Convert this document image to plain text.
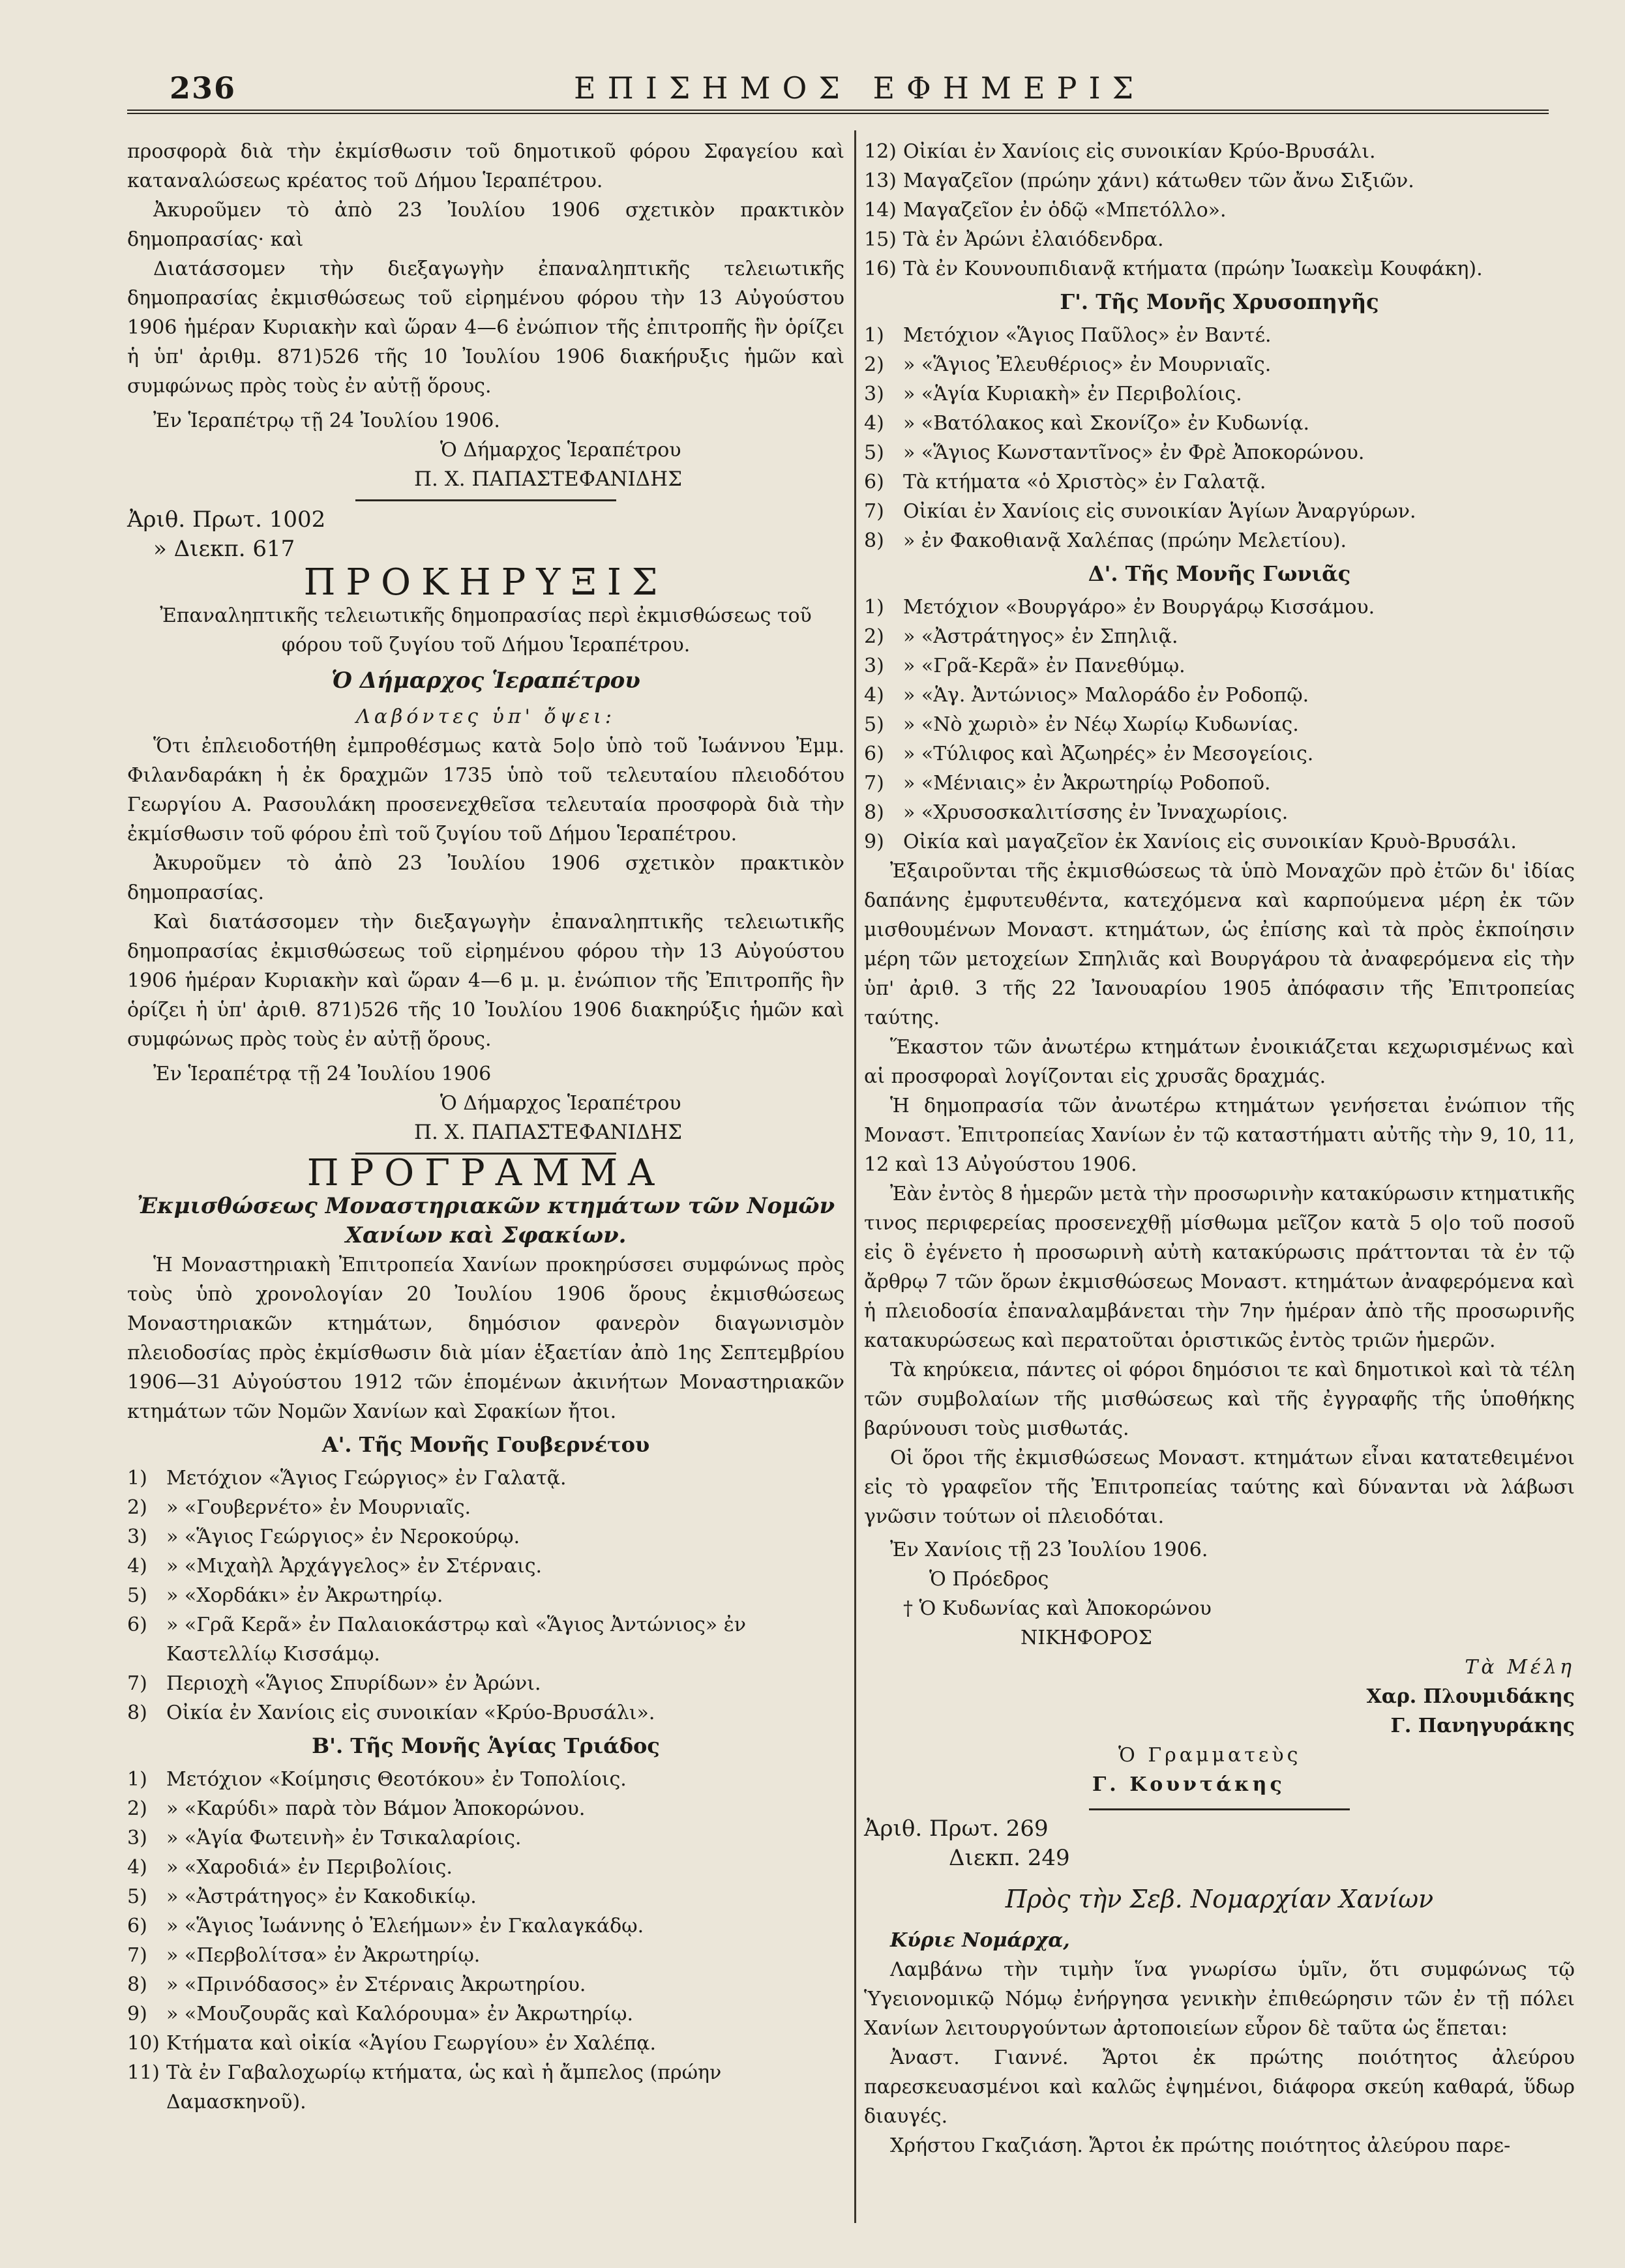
236	ΕΠΙΣΗΜΟΣ ΕΦΗΜΕΡΙΣ

προσφορὰ διὰ τὴν ἐκμίσθωσιν τοῦ δημοτικοῦ φόρου Σφαγείου καὶ καταναλώσεως κρέατος τοῦ Δήμου Ἱεραπέτρου.

Ἀκυροῦμεν τὸ ἀπὸ 23 Ἰουλίου 1906 σχετικὸν πρακτικὸν δημοπρασίας· καὶ

Διατάσσομεν τὴν διεξαγωγὴν ἐπαναληπτικῆς τελειωτικῆς δημοπρασίας ἐκμισθώσεως τοῦ εἰρημένου φόρου τὴν 13 Αὐγούστου 1906 ἡμέραν Κυριακὴν καὶ ὥραν 4—6 ἐνώπιον τῆς ἐπιτροπῆς ἣν ὁρίζει ἡ ὑπ' ἀριθμ. 871)526 τῆς 10 Ἰουλίου 1906 διακήρυξις ἡμῶν καὶ συμφώνως πρὸς τοὺς ἐν αὐτῇ ὅρους.

Ἐν Ἱεραπέτρῳ τῇ 24 Ἰουλίου 1906.

Ὁ Δήμαρχος Ἱεραπέτρου

Π. Χ. ΠΑΠΑΣΤΕΦΑΝΙΔΗΣ

Ἀριθ. Πρωτ. 1002

» Διεκπ. 617

ΠΡΟΚΗΡΥΞΙΣ

Ἐπαναληπτικῆς τελειωτικῆς δημοπρασίας περὶ ἐκμισθώσεως τοῦ φόρου τοῦ ζυγίου τοῦ Δήμου Ἱεραπέτρου.

Ὁ Δήμαρχος Ἱεραπέτρου

Λαβόντες ὑπ' ὄψει:

Ὅτι ἐπλειοδοτήθη ἐμπροθέσμως κατὰ 5ο|ο ὑπὸ τοῦ Ἰωάννου Ἐμμ. Φιλανδαράκη ἡ ἐκ δραχμῶν 1735 ὑπὸ τοῦ τελευταίου πλειοδότου Γεωργίου Α. Ρασουλάκη προσενεχθεῖσα τελευταία προσφορὰ διὰ τὴν ἐκμίσθωσιν τοῦ φόρου ἐπὶ τοῦ ζυγίου τοῦ Δήμου Ἱεραπέτρου.

Ἀκυροῦμεν τὸ ἀπὸ 23 Ἰουλίου 1906 σχετικὸν πρακτικὸν δημοπρασίας.

Καὶ διατάσσομεν τὴν διεξαγωγὴν ἐπαναληπτικῆς τελειωτικῆς δημοπρασίας ἐκμισθώσεως τοῦ εἰρημένου φόρου τὴν 13 Αὐγούστου 1906 ἡμέραν Κυριακὴν καὶ ὥραν 4—6 μ. μ. ἐνώπιον τῆς Ἐπιτροπῆς ἣν ὁρίζει ἡ ὑπ' ἀριθ. 871)526 τῆς 10 Ἰουλίου 1906 διακηρύξις ἡμῶν καὶ συμφώνως πρὸς τοὺς ἐν αὐτῇ ὅρους.

Ἐν Ἱεραπέτρᾳ τῇ 24 Ἰουλίου 1906

Ὁ Δήμαρχος Ἱεραπέτρου

Π. Χ. ΠΑΠΑΣΤΕΦΑΝΙΔΗΣ

ΠΡΟΓΡΑΜΜΑ

Ἐκμισθώσεως Μοναστηριακῶν κτημάτων τῶν Νομῶν Χανίων καὶ Σφακίων.

Ἡ Μοναστηριακὴ Ἐπιτροπεία Χανίων προκηρύσσει συμφώνως πρὸς τοὺς ὑπὸ χρονολογίαν 20 Ἰουλίου 1906 ὅρους ἐκμισθώσεως Μοναστηριακῶν κτημάτων, δημόσιον φανερὸν διαγωνισμὸν πλειοδοσίας πρὸς ἐκμίσθωσιν διὰ μίαν ἑξαετίαν ἀπὸ 1ης Σεπτεμβρίου 1906—31 Αὐγούστου 1912 τῶν ἑπομένων ἀκινήτων Μοναστηριακῶν κτημάτων τῶν Νομῶν Χανίων καὶ Σφακίων ἤτοι.

Α'. Τῆς Μονῆς Γουβερνέτου
1) Μετόχιον «Ἅγιος Γεώργιος» ἐν Γαλατᾷ.
2) » «Γουβερνέτο» ἐν Μουρνιαῖς.
3) » «Ἅγιος Γεώργιος» ἐν Νεροκούρῳ.
4) » «Μιχαὴλ Ἀρχάγγελος» ἐν Στέρναις.
5) » «Χορδάκι» ἐν Ἀκρωτηρίῳ.
6) » «Γρᾶ Κερᾶ» ἐν Παλαιοκάστρῳ καὶ «Ἅγιος Ἀντώνιος» ἐν Καστελλίῳ Κισσάμῳ.
7) Περιοχὴ «Ἅγιος Σπυρίδων» ἐν Ἀρώνι.
8) Οἰκία ἐν Χανίοις εἰς συνοικίαν «Κρύο-Βρυσάλι».
Β'. Τῆς Μονῆς Ἁγίας Τριάδος
1) Μετόχιον «Κοίμησις Θεοτόκου» ἐν Τοπολίοις.
2) » «Καρύδι» παρὰ τὸν Βάμον Ἀποκορώνου.
3) » «Ἁγία Φωτεινὴ» ἐν Τσικαλαρίοις.
4) » «Χαροδιά» ἐν Περιβολίοις.
5) » «Ἀστράτηγος» ἐν Κακοδικίῳ.
6) » «Ἅγιος Ἰωάννης ὁ Ἐλεήμων» ἐν Γκαλαγκάδῳ.
7) » «Περβολίτσα» ἐν Ἀκρωτηρίῳ.
8) » «Πρινόδασος» ἐν Στέρναις Ἀκρωτηρίου.
9) » «Μουζουρᾶς καὶ Καλόρουμα» ἐν Ἀκρωτηρίῳ.
10) Κτήματα καὶ οἰκία «Ἁγίου Γεωργίου» ἐν Χαλέπᾳ.
11) Τὰ ἐν Γαβαλοχωρίῳ κτήματα, ὡς καὶ ἡ ἄμπελος (πρώην Δαμασκηνοῦ).
12) Οἰκίαι ἐν Χανίοις εἰς συνοικίαν Κρύο-Βρυσάλι.
13) Μαγαζεῖον (πρώην χάνι) κάτωθεν τῶν ἄνω Σιξιῶν.
14) Μαγαζεῖον ἐν ὁδῷ «Μπετόλλο».
15) Τὰ ἐν Ἀρώνι ἐλαιόδενδρα.
16) Τὰ ἐν Κουνουπιδιανᾷ κτήματα (πρώην Ἰωακεὶμ Κουφάκη).
Γ'. Τῆς Μονῆς Χρυσοπηγῆς
1) Μετόχιον «Ἅγιος Παῦλος» ἐν Βαντέ.
2) » «Ἅγιος Ἐλευθέριος» ἐν Μουρνιαῖς.
3) » «Ἁγία Κυριακὴ» ἐν Περιβολίοις.
4) » «Βατόλακος καὶ Σκονίζο» ἐν Κυδωνίᾳ.
5) » «Ἅγιος Κωνσταντῖνος» ἐν Φρὲ Ἀποκορώνου.
6) Τὰ κτήματα «ὁ Χριστὸς» ἐν Γαλατᾷ.
7) Οἰκίαι ἐν Χανίοις εἰς συνοικίαν Ἁγίων Ἀναργύρων.
8) » ἐν Φακοθιανᾷ Χαλέπας (πρώην Μελετίου).
Δ'. Τῆς Μονῆς Γωνιᾶς
1) Μετόχιον «Βουργάρο» ἐν Βουργάρῳ Κισσάμου.
2) » «Ἀστράτηγος» ἐν Σπηλιᾷ.
3) » «Γρᾶ-Κερᾶ» ἐν Πανεθύμῳ.
4) » «Ἁγ. Ἀντώνιος» Μαλοράδο ἐν Ροδοπῷ.
5) » «Νὸ χωριὸ» ἐν Νέῳ Χωρίῳ Κυδωνίας.
6) » «Τύλιφος καὶ Ἀζωηρές» ἐν Μεσογείοις.
7) » «Μένιαις» ἐν Ἀκρωτηρίῳ Ροδοποῦ.
8) » «Χρυσοσκαλιτίσσης ἐν Ἰνναχωρίοις.
9) Οἰκία καὶ μαγαζεῖον ἐκ Χανίοις εἰς συνοικίαν Κρυὸ-Βρυσάλι.

Ἐξαιροῦνται τῆς ἐκμισθώσεως τὰ ὑπὸ Μοναχῶν πρὸ ἐτῶν δι' ἰδίας δαπάνης ἐμφυτευθέντα, κατεχόμενα καὶ καρπούμενα μέρη ἐκ τῶν μισθουμένων Μοναστ. κτημάτων, ὡς ἐπίσης καὶ τὰ πρὸς ἐκποίησιν μέρη τῶν μετοχείων Σπηλιᾶς καὶ Βουργάρου τὰ ἀναφερόμενα εἰς τὴν ὑπ' ἀριθ. 3 τῆς 22 Ἰανουαρίου 1905 ἀπόφασιν τῆς Ἐπιτροπείας ταύτης.

Ἕκαστον τῶν ἀνωτέρω κτημάτων ἐνοικιάζεται κεχωρισμένως καὶ αἱ προσφοραὶ λογίζονται εἰς χρυσᾶς δραχμάς.

Ἡ δημοπρασία τῶν ἀνωτέρω κτημάτων γενήσεται ἐνώπιον τῆς Μοναστ. Ἐπιτροπείας Χανίων ἐν τῷ καταστήματι αὐτῆς τὴν 9, 10, 11, 12 καὶ 13 Αὐγούστου 1906.

Ἐὰν ἐντὸς 8 ἡμερῶν μετὰ τὴν προσωρινὴν κατακύρωσιν κτηματικῆς τινος περιφερείας προσενεχθῇ μίσθωμα μεῖζον κατὰ 5 ο|ο τοῦ ποσοῦ εἰς ὃ ἐγένετο ἡ προσωρινὴ αὐτὴ κατακύρωσις πράττονται τὰ ἐν τῷ ἄρθρῳ 7 τῶν ὅρων ἐκμισθώσεως Μοναστ. κτημάτων ἀναφερόμενα καὶ ἡ πλειοδοσία ἐπαναλαμβάνεται τὴν 7ην ἡμέραν ἀπὸ τῆς προσωρινῆς κατακυρώσεως καὶ περατοῦται ὁριστικῶς ἐντὸς τριῶν ἡμερῶν.

Τὰ κηρύκεια, πάντες οἱ φόροι δημόσιοι τε καὶ δημοτικοὶ καὶ τὰ τέλη τῶν συμβολαίων τῆς μισθώσεως καὶ τῆς ἐγγραφῆς τῆς ὑποθήκης βαρύνουσι τοὺς μισθωτάς.

Οἱ ὅροι τῆς ἐκμισθώσεως Μοναστ. κτημάτων εἶναι κατατεθειμένοι εἰς τὸ γραφεῖον τῆς Ἐπιτροπείας ταύτης καὶ δύνανται νὰ λάβωσι γνῶσιν τούτων οἱ πλειοδόται.

Ἐν Χανίοις τῇ 23 Ἰουλίου 1906.

Ὁ Πρόεδρος

† Ὁ Κυδωνίας καὶ Ἀποκορώνου

ΝΙΚΗΦΟΡΟΣ

Τὰ Μέλη

Χαρ. Πλουμιδάκης

Γ. Πανηγυράκης

Ὁ Γραμματεὺς

Γ. Κουντάκης

Ἀριθ. Πρωτ. 269

Διεκπ. 249

Πρὸς τὴν Σεβ. Νομαρχίαν Χανίων

Κύριε Νομάρχα,

Λαμβάνω τὴν τιμὴν ἵνα γνωρίσω ὑμῖν, ὅτι συμφώνως τῷ Ὑγειονομικῷ Νόμῳ ἐνήργησα γενικὴν ἐπιθεώρησιν τῶν ἐν τῇ πόλει Χανίων λειτουργούντων ἀρτοποιείων εὗρον δὲ ταῦτα ὡς ἕπεται:

Ἀναστ. Γιαννέ. Ἄρτοι ἐκ πρώτης ποιότητος ἀλεύρου παρεσκευασμένοι καὶ καλῶς ἐψημένοι, διάφορα σκεύη καθαρά, ὕδωρ διαυγές.

Χρήστου Γκαζιάση. Ἄρτοι ἐκ πρώτης ποιότητος ἀλεύρου παρε-
